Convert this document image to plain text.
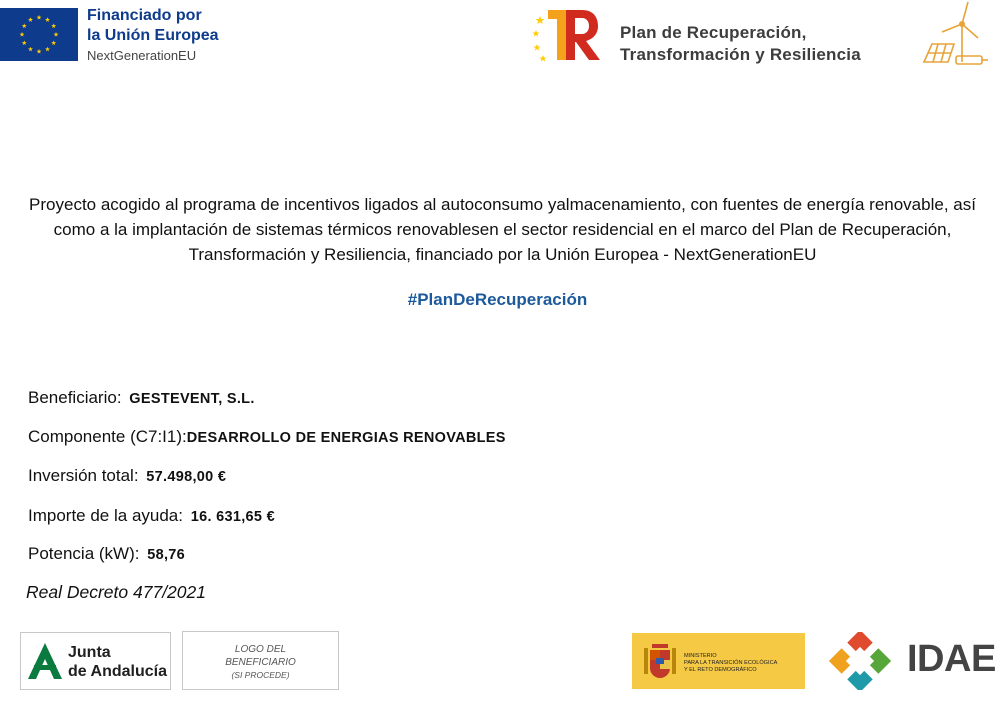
Financiado por
la Unión Europea
NextGenerationEU
Plan de Recuperación,
Transformación y Resiliencia
Proyecto acogido al programa de incentivos ligados al autoconsumo yalmacenamiento, con fuentes de energía renovable, así como a la implantación de sistemas térmicos renovablesen el sector residencial en el marco del Plan de Recuperación, Transformación y Resiliencia, financiado por la Unión Europea - NextGenerationEU
#PlanDeRecuperación
Beneficiario: GESTEVENT, S.L.
Componente (C7:I1):DESARROLLO DE ENERGIAS RENOVABLES
Inversión total: 57.498,00 €
Importe de la ayuda: 16. 631,65 €
Potencia (kW): 58,76
Real Decreto 477/2021
Junta
de Andalucía
LOGO DEL
BENEFICIARIO
(SI PROCEDE)
MINISTERIO
PARA LA TRANSICIÓN ECOLÓGICA
Y EL RETO DEMOGRÁFICO	IDAE
